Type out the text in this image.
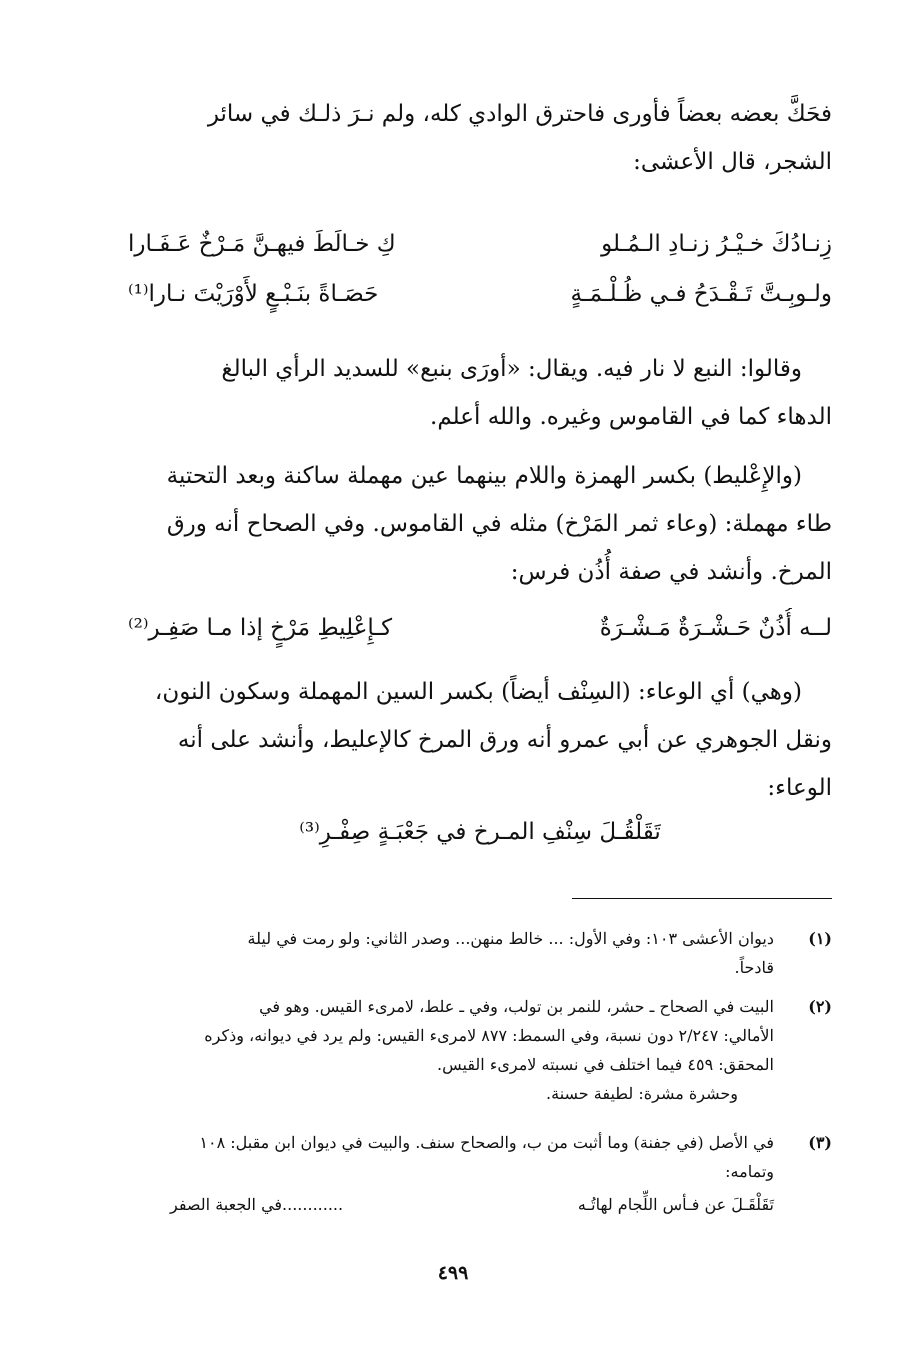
فحَكَّ بعضه بعضاً فأورى فاحترق الوادي كله، ولم نـرَ ذلـك في سائر
الشجر، قال الأعشى:
زِنـادُكَ خـيْـرُ زنـادِ الـمُـلو
كِ خـالَطَ فيهـنَّ مَـرْخٌ عَـفَـارا
ولـوبِـتَّ تَـقْـدَحُ فـي ظُـلْـمَـةٍ
حَصَـاةً بنَـبْـعٍ لأَوْرَيْتَ نـارا⁽¹⁾
وقالوا: النبع لا نار فيه. ويقال: «أورَى بنبع» للسديد الرأي البالغ
الدهاء كما في القاموس وغيره. والله أعلم.
(والإِعْليط) بكسر الهمزة واللام بينهما عين مهملة ساكنة وبعد التحتية
طاء مهملة: (وعاء ثمر المَرْخ) مثله في القاموس. وفي الصحاح أنه ورق
المرخ. وأنشد في صفة أُذُن فرس:
لــه أُذُنٌ حَـشْـرَةٌ مَـشْـرَةٌ
كـإِعْلِيطِ مَرْخٍ إذا مـا صَفِـر⁽²⁾
(وهي) أي الوعاء: (السِنْف أيضاً) بكسر السين المهملة وسكون النون،
ونقل الجوهري عن أبي عمرو أنه ورق المرخ كالإعليط، وأنشد على أنه
الوعاء:
تَقَلْقُـلَ سِنْفِ المـرخ في جَعْبَـةٍ صِفْـرِ⁽³⁾
(١)
ديوان الأعشى ١٠٣: وفي الأول: ... خالط منهن... وصدر الثاني: ولو رمت في ليلة
قادحاً.
(٢)
البيت في الصحاح ـ حشر، للنمر بن تولب، وفي ـ علط، لامرىء القيس. وهو في
الأمالي: ٢/٢٤٧ دون نسبة، وفي السمط: ٨٧٧ لامرىء القيس: ولم يرد في ديوانه، وذكره
المحقق: ٤٥٩ فيما اختلف في نسبته لامرىء القيس.
وحشرة مشرة: لطيفة حسنة.
(٣)
في الأصل (في جفنة) وما أثبت من ب، والصحاح سنف. والبيت في ديوان ابن مقبل: ١٠٨
وتمامه:
تَقَلْقَـلَ عن فـأس اللِّجام لهاتُـه
............في الجعبة الصفر
٤٩٩
